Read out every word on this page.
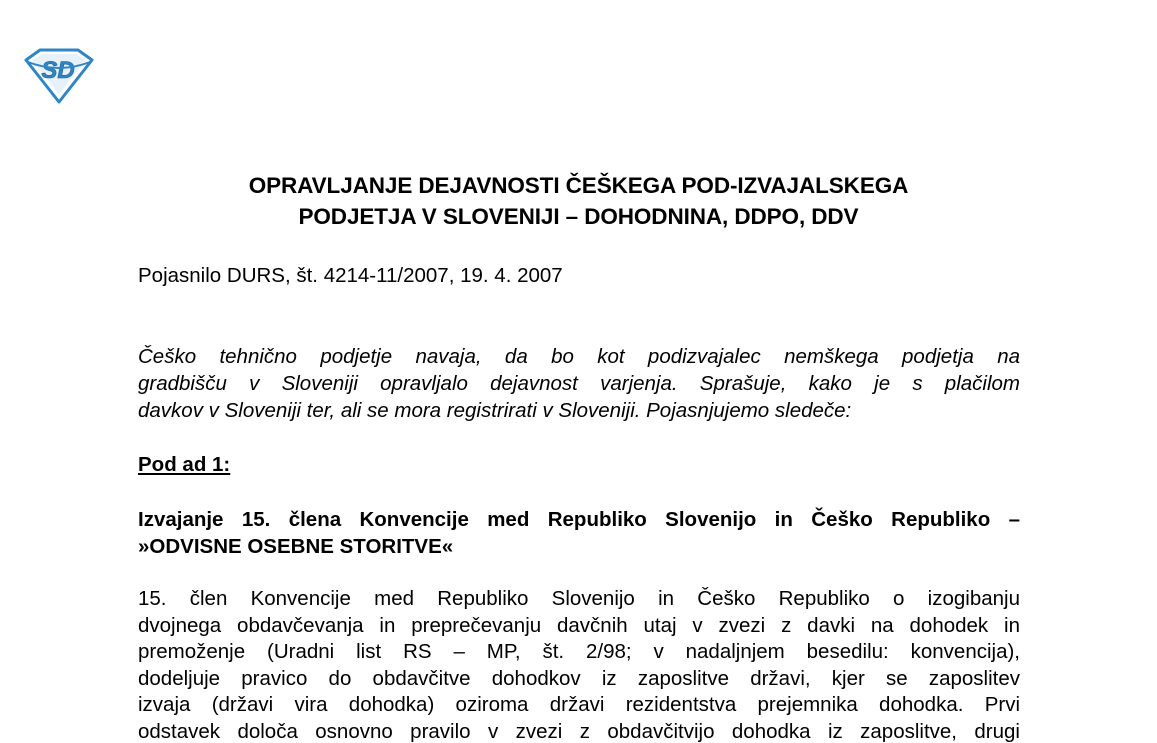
SD
OPRAVLJANJE DEJAVNOSTI ČEŠKEGA POD-IZVAJALSKEGA
PODJETJA V SLOVENIJI – DOHODNINA, DDPO, DDV
Pojasnilo DURS, št. 4214-11/2007, 19. 4. 2007
Češko tehnično podjetje navaja, da bo kot podizvajalec nemškega podjetja na
gradbišču v Sloveniji opravljalo dejavnost varjenja. Sprašuje, kako je s plačilom
davkov v Sloveniji ter, ali se mora registrirati v Sloveniji. Pojasnjujemo sledeče:
Pod ad 1:
Izvajanje 15. člena Konvencije med Republiko Slovenijo in Češko Republiko –
»ODVISNE OSEBNE STORITVE«
15. člen Konvencije med Republiko Slovenijo in Češko Republiko o izogibanju
dvojnega obdavčevanja in preprečevanju davčnih utaj v zvezi z davki na dohodek in
premoženje (Uradni list RS – MP, št. 2/98; v nadaljnjem besedilu: konvencija),
dodeljuje pravico do obdavčitve dohodkov iz zaposlitve državi, kjer se zaposlitev
izvaja (državi vira dohodka) oziroma državi rezidentstva prejemnika dohodka. Prvi
odstavek določa osnovno pravilo v zvezi z obdavčitvijo dohodka iz zaposlitve, drugi
